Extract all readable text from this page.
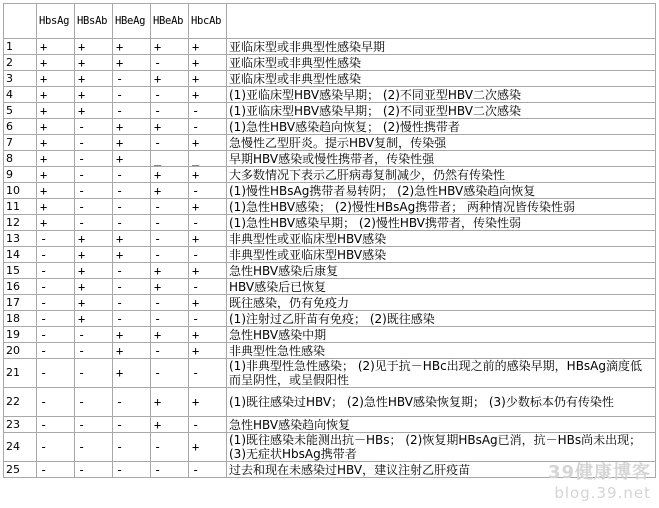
	HbsAg	HBsAb	HBeAg	HBeAb	HbcAb	
1	+	+	+	+	+	亚临床型或非典型性感染早期
2	+	+	+	-	+	亚临床型或非典型性感染
3	+	+	-	+	+	亚临床型或非典型性感染
4	+	+	-	-	+	(1)亚临床型HBV感染早期； (2)不同亚型HBV二次感染
5	+	+	-	-	-	(1)亚临床型HBV感染早期； (2)不同亚型HBV二次感染
6	+	-	+	+	-	(1)急性HBV感染趋向恢复； (2)慢性携带者
7	+	-	+	-	+	急慢性乙型肝炎。提示HBV复制，传染强
8	+	-	+	_	_	早期HBV感染或慢性携带者，传染性强
9	+	-	-	+	+	大多数情况下表示乙肝病毒复制减少，仍然有传染性
10	+	-	-	+	-	(1)慢性HBsAg携带者易转阴； (2)急性HBV感染趋向恢复
11	+	-	-	-	+	(1)急性HBV感染； (2)慢性HBsAg携带者； 两种情况皆传染性弱
12	+	-	-	-	-	(1)急性HBV感染早期； (2)慢性HBV携带者，传染性弱
13	-	+	+	-	+	非典型性或亚临床型HBV感染
14	-	+	+	-	-	非典型性或亚临床型HBV感染
15	-	+	-	+	+	急性HBV感染后康复
16	-	+	-	+	-	HBV感染后已恢复
17	-	+	-	-	+	既往感染，仍有免疫力
18	-	+	-	-	-	(1)注射过乙肝苗有免疫； (2)既往感染
19	-	-	+	+	+	急性HBV感染中期
20	-	-	+	-	+	非典型性急性感染
21	-	-	+	-	-	(1)非典型性急性感染； (2)见于抗－HBc出现之前的感染早期，HBsAg滴度低而呈阴性，或呈假阳性
22	-	-	-	+	+	(1)既往感染过HBV； (2)急性HBV感染恢复期； (3)少数标本仍有传染性
23	-	-	-	+	-	急性HBV感染趋向恢复
24	-	-	-	-	+	(1)既往感染未能测出抗－HBs； (2)恢复期HBsAg已消，抗－HBs尚未出现； (3)无症状HbsAg携带者
25	-	-	-	-	-	过去和现在未感染过HBV，建议注射乙肝疫苗	39健康博客
blog.39.net
